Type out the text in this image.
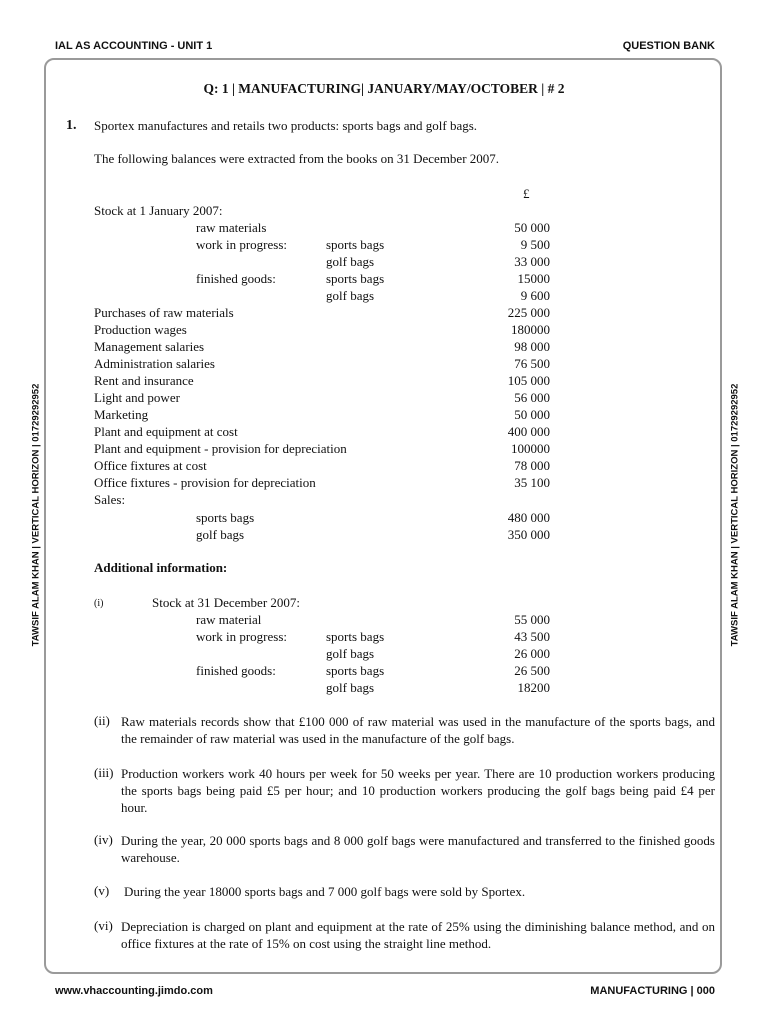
IAL AS ACCOUNTING - UNIT 1	QUESTION BANK
TAWSIF ALAM KHAN | VERTICAL HORIZON | 01729292952	TAWSIF ALAM KHAN | VERTICAL HORIZON | 01729292952
Q: 1 | MANUFACTURING| JANUARY/MAY/OCTOBER | # 2
1. Sportex manufactures and retails two products: sports bags and golf bags.
The following balances were extracted from the books on 31 December 2007.
£
Stock at 1 January 2007:
raw materials	50 000
work in progress:	sports bags	9 500
golf bags	33 000
finished goods:	sports bags	15000
golf bags	9 600
Purchases of raw materials	225 000
Production wages	180000
Management salaries	98 000
Administration salaries	76 500
Rent and insurance	105 000
Light and power	56 000
Marketing	50 000
Plant and equipment at cost	400 000
Plant and equipment - provision for depreciation	100000
Office fixtures at cost	78 000
Office fixtures - provision for depreciation	35 100
Sales:
sports bags	480 000
golf bags	350 000
Additional information:
(i)	Stock at 31 December 2007:
raw material	55 000
work in progress:	sports bags	43 500
golf bags	26 000
finished goods:	sports bags	26 500
golf bags	18200
(ii) Raw materials records show that £100 000 of raw material was used in the manufacture of the sports bags, and the remainder of raw material was used in the manufacture of the golf bags.
(iii) Production workers work 40 hours per week for 50 weeks per year. There are 10 production workers producing the sports bags being paid £5 per hour; and 10 production workers producing the golf bags being paid £4 per hour.
(iv) During the year, 20 000 sports bags and 8 000 golf bags were manufactured and transferred to the finished goods warehouse.
(v) During the year 18000 sports bags and 7 000 golf bags were sold by Sportex.
(vi) Depreciation is charged on plant and equipment at the rate of 25% using the diminishing balance method, and on office fixtures at the rate of 15% on cost using the straight line method.
www.vhaccounting.jimdo.com	MANUFACTURING | 000
